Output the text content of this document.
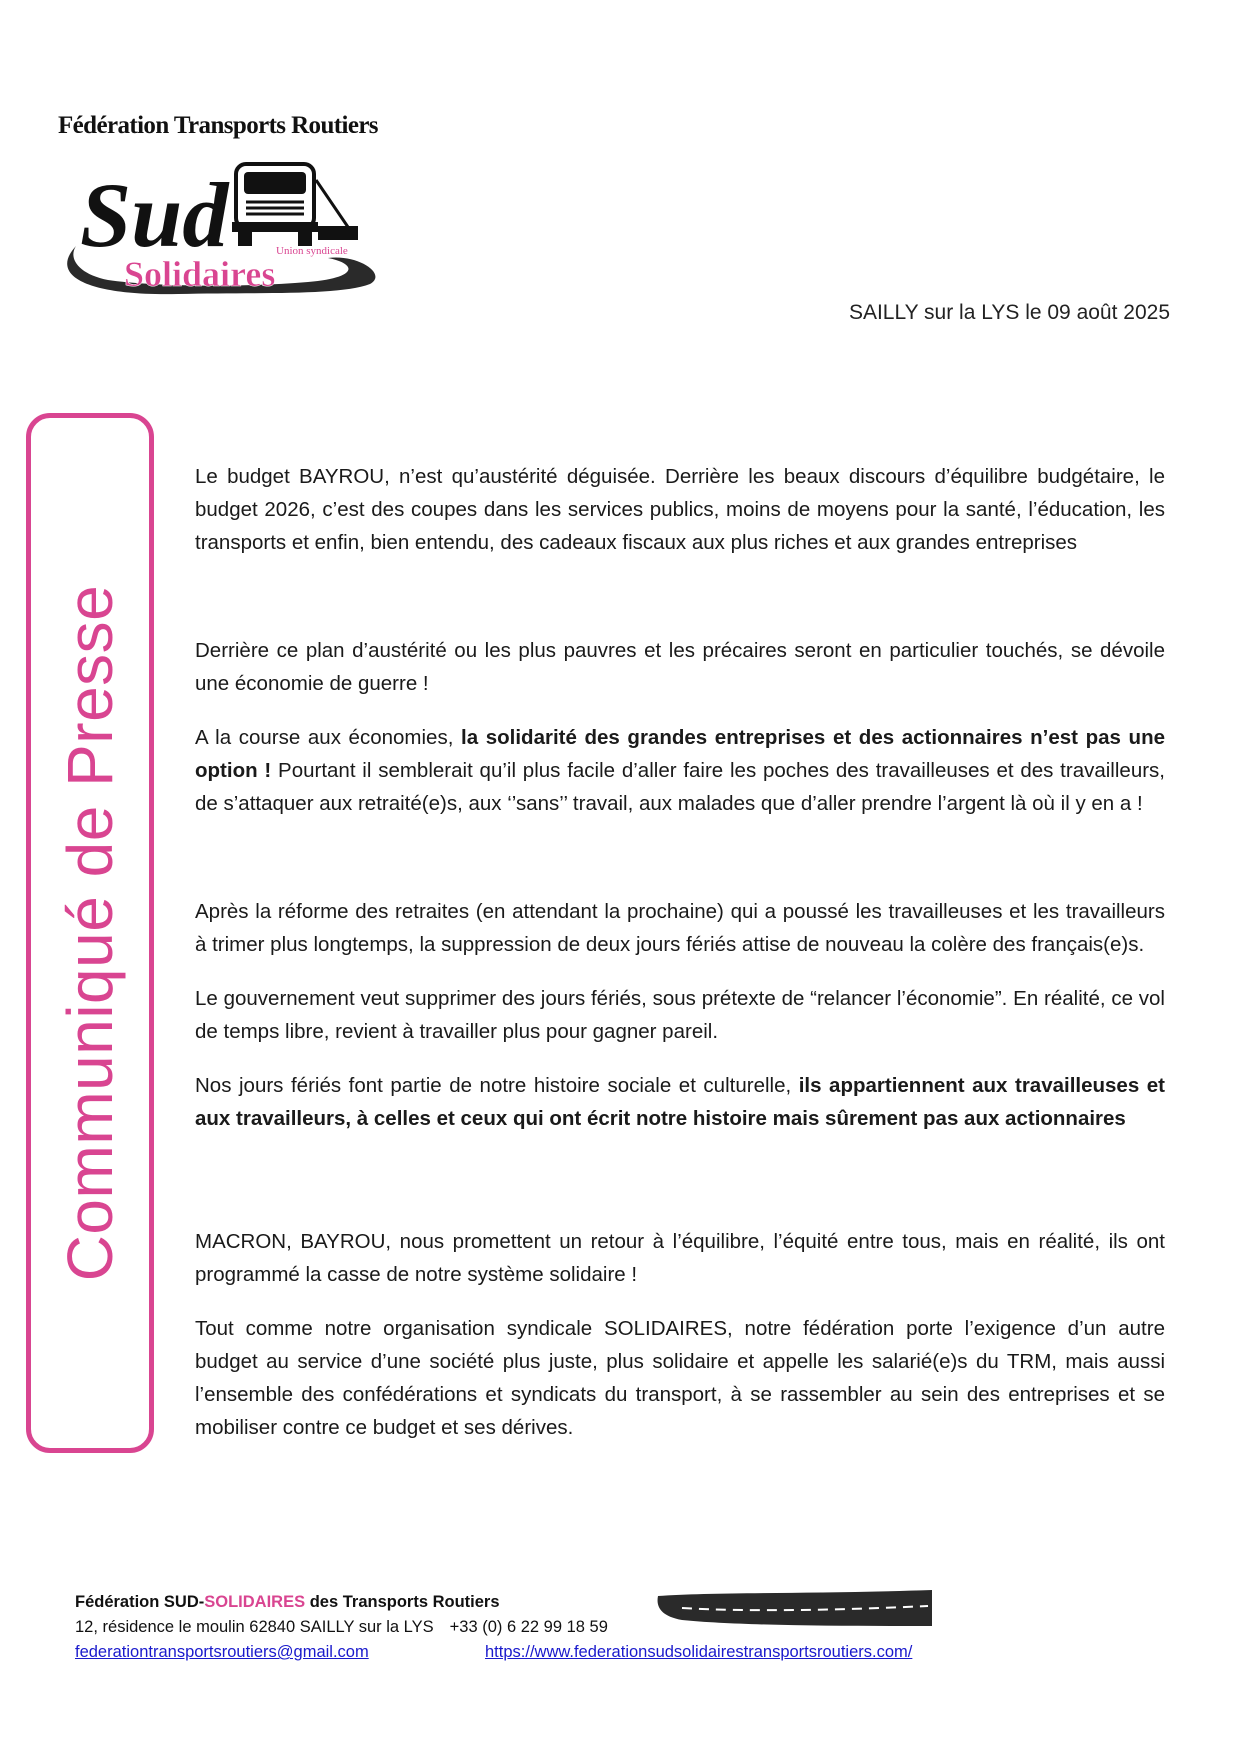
Fédération Transports Routiers
Sud	Union syndicale
Solidaires
SAILLY sur la LYS le 09 août 2025
Communiqué de Presse

Le budget BAYROU, n’est qu’austérité déguisée. Derrière les beaux discours d’équilibre budgétaire, le budget 2026, c’est des coupes dans les services publics, moins de moyens pour la santé, l’éducation, les transports et enfin, bien entendu, des cadeaux fiscaux aux plus riches et aux grandes entreprises

Derrière ce plan d’austérité ou les plus pauvres et les précaires seront en particulier touchés, se dévoile une économie de guerre !

A la course aux économies, la solidarité des grandes entreprises et des actionnaires n’est pas une option ! Pourtant il semblerait qu’il plus facile d’aller faire les poches des travailleuses et des travailleurs, de s’attaquer aux retraité(e)s, aux ‘’sans’’ travail, aux malades que d’aller prendre l’argent là où il y en a !

Après la réforme des retraites (en attendant la prochaine) qui a poussé les travailleuses et les travailleurs à trimer plus longtemps, la suppression de deux jours fériés attise de nouveau la colère des français(e)s.

Le gouvernement veut supprimer des jours fériés, sous prétexte de “relancer l’économie”. En réalité, ce vol de temps libre, revient à travailler plus pour gagner pareil.

Nos jours fériés font partie de notre histoire sociale et culturelle, ils appartiennent aux travailleuses et aux travailleurs, à celles et ceux qui ont écrit notre histoire mais sûrement pas aux actionnaires

MACRON, BAYROU, nous promettent un retour à l’équilibre, l’équité entre tous, mais en réalité, ils ont programmé la casse de notre système solidaire !

Tout comme notre organisation syndicale SOLIDAIRES, notre fédération porte l’exigence d’un autre budget au service d’une société plus juste, plus solidaire et appelle les salarié(e)s du TRM, mais aussi l’ensemble des confédérations et syndicats du transport, à se rassembler au sein des entreprises et se mobiliser contre ce budget et ses dérives.

Fédération SUD-SOLIDAIRES des Transports Routiers
12, résidence le moulin 62840 SAILLY sur la LYS +33 (0) 6 22 99 18 59
federationtransportsroutiers@gmail.com	https://www.federationsudsolidairestransportsroutiers.com/
